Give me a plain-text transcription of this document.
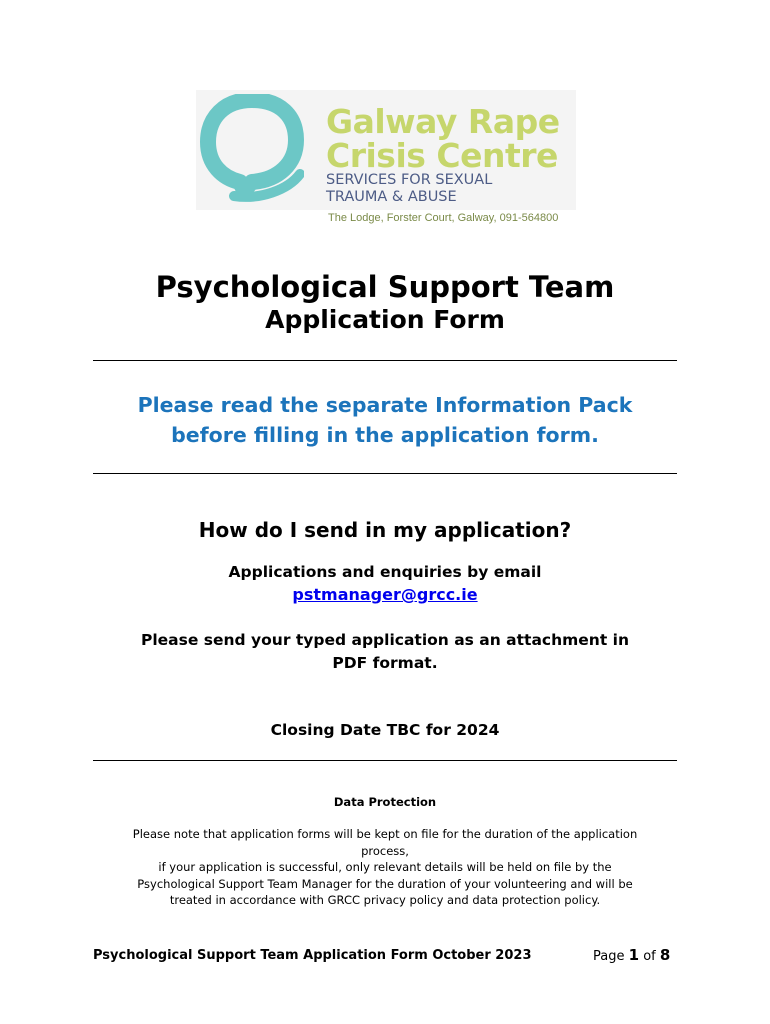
Galway Rape
Crisis Centre
SERVICES FOR SEXUAL
TRAUMA & ABUSE
The Lodge, Forster Court, Galway, 091-564800
Psychological Support Team
Application Form
Please read the separate Information Pack
before filling in the application form.
How do I send in my application?
Applications and enquiries by email
pstmanager@grcc.ie
Please send your typed application as an attachment in
PDF format.
Closing Date TBC for 2024
Data Protection
Please note that application forms will be kept on file for the duration of the application
process,
if your application is successful, only relevant details will be held on file by the
Psychological Support Team Manager for the duration of your volunteering and will be
treated in accordance with GRCC privacy policy and data protection policy.
Psychological Support Team Application Form October 2023	Page 1 of 8
